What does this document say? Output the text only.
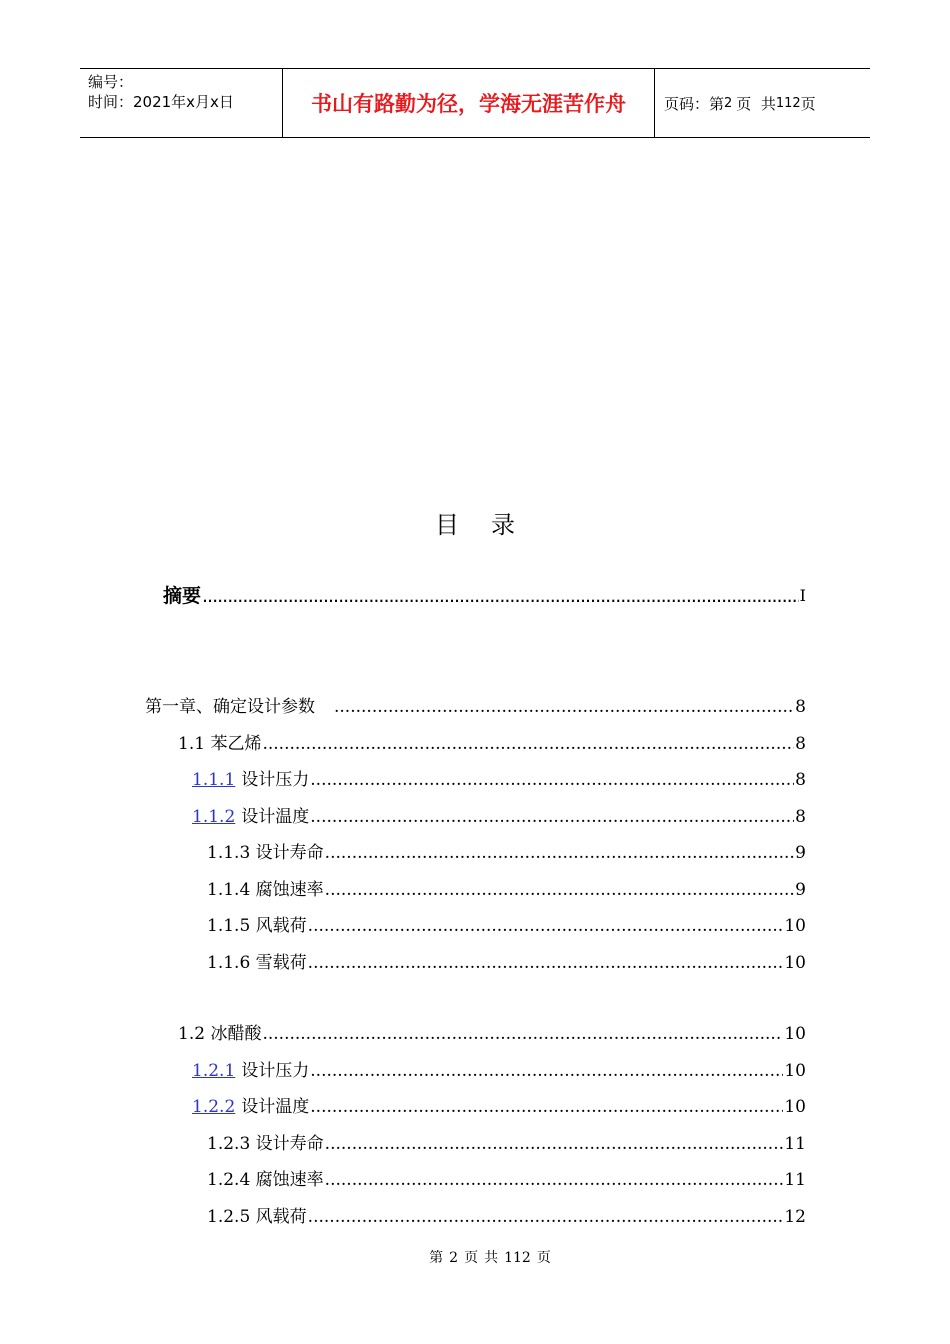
编号：
时间：2021年x月x日	书山有路勤为径，学海无涯苦作舟	页码：第 2 页  共 112 页
目录
摘要 .....	I
第一章、确定设计参数 .....	8
1.1 苯乙烯 .....	8
1.1.1 设计压力 .....	8
1.1.2 设计温度 .....	8
1.1.3 设计寿命 .....	9
1.1.4 腐蚀速率 .....	9
1.1.5 风载荷 .....	10
1.1.6 雪载荷 .....	10
1.2 冰醋酸 .....	10
1.2.1 设计压力 .....	10
1.2.2 设计温度 .....	10
1.2.3 设计寿命 .....	11
1.2.4 腐蚀速率 .....	11
1.2.5 风载荷 .....	12
第 2 页 共 112 页
